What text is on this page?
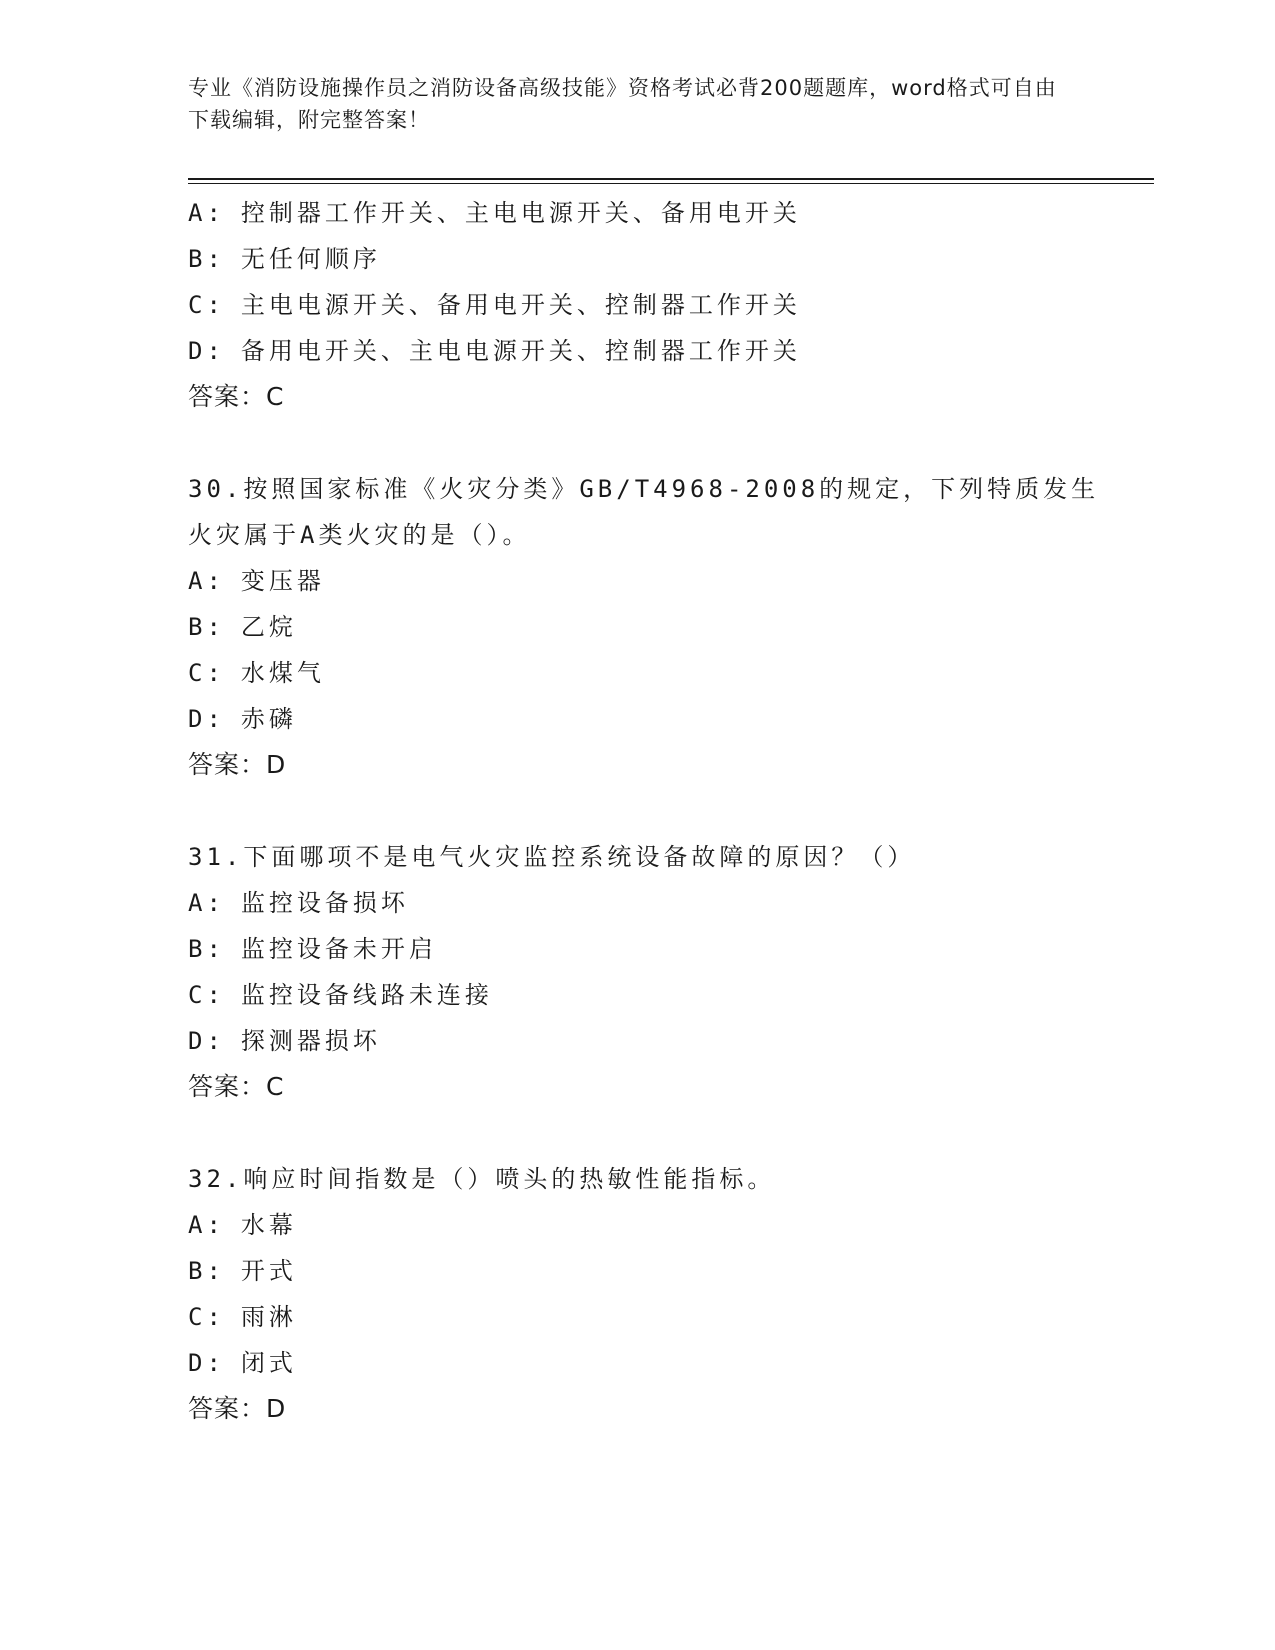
专业《消防设施操作员之消防设备高级技能》资格考试必背200题题库，word格式可自由下载编辑，附完整答案！
A: 控制器工作开关、主电电源开关、备用电开关
B: 无任何顺序
C: 主电电源开关、备用电开关、控制器工作开关
D: 备用电开关、主电电源开关、控制器工作开关
答案：C
30.按照国家标准《火灾分类》GB/T4968-2008的规定，下列特质发生
火灾属于A类火灾的是（）。
A: 变压器
B: 乙烷
C: 水煤气
D: 赤磷
答案：D
31.下面哪项不是电气火灾监控系统设备故障的原因？（）
A: 监控设备损坏
B: 监控设备未开启
C: 监控设备线路未连接
D: 探测器损坏
答案：C
32.响应时间指数是（）喷头的热敏性能指标。
A: 水幕
B: 开式
C: 雨淋
D: 闭式
答案：D
